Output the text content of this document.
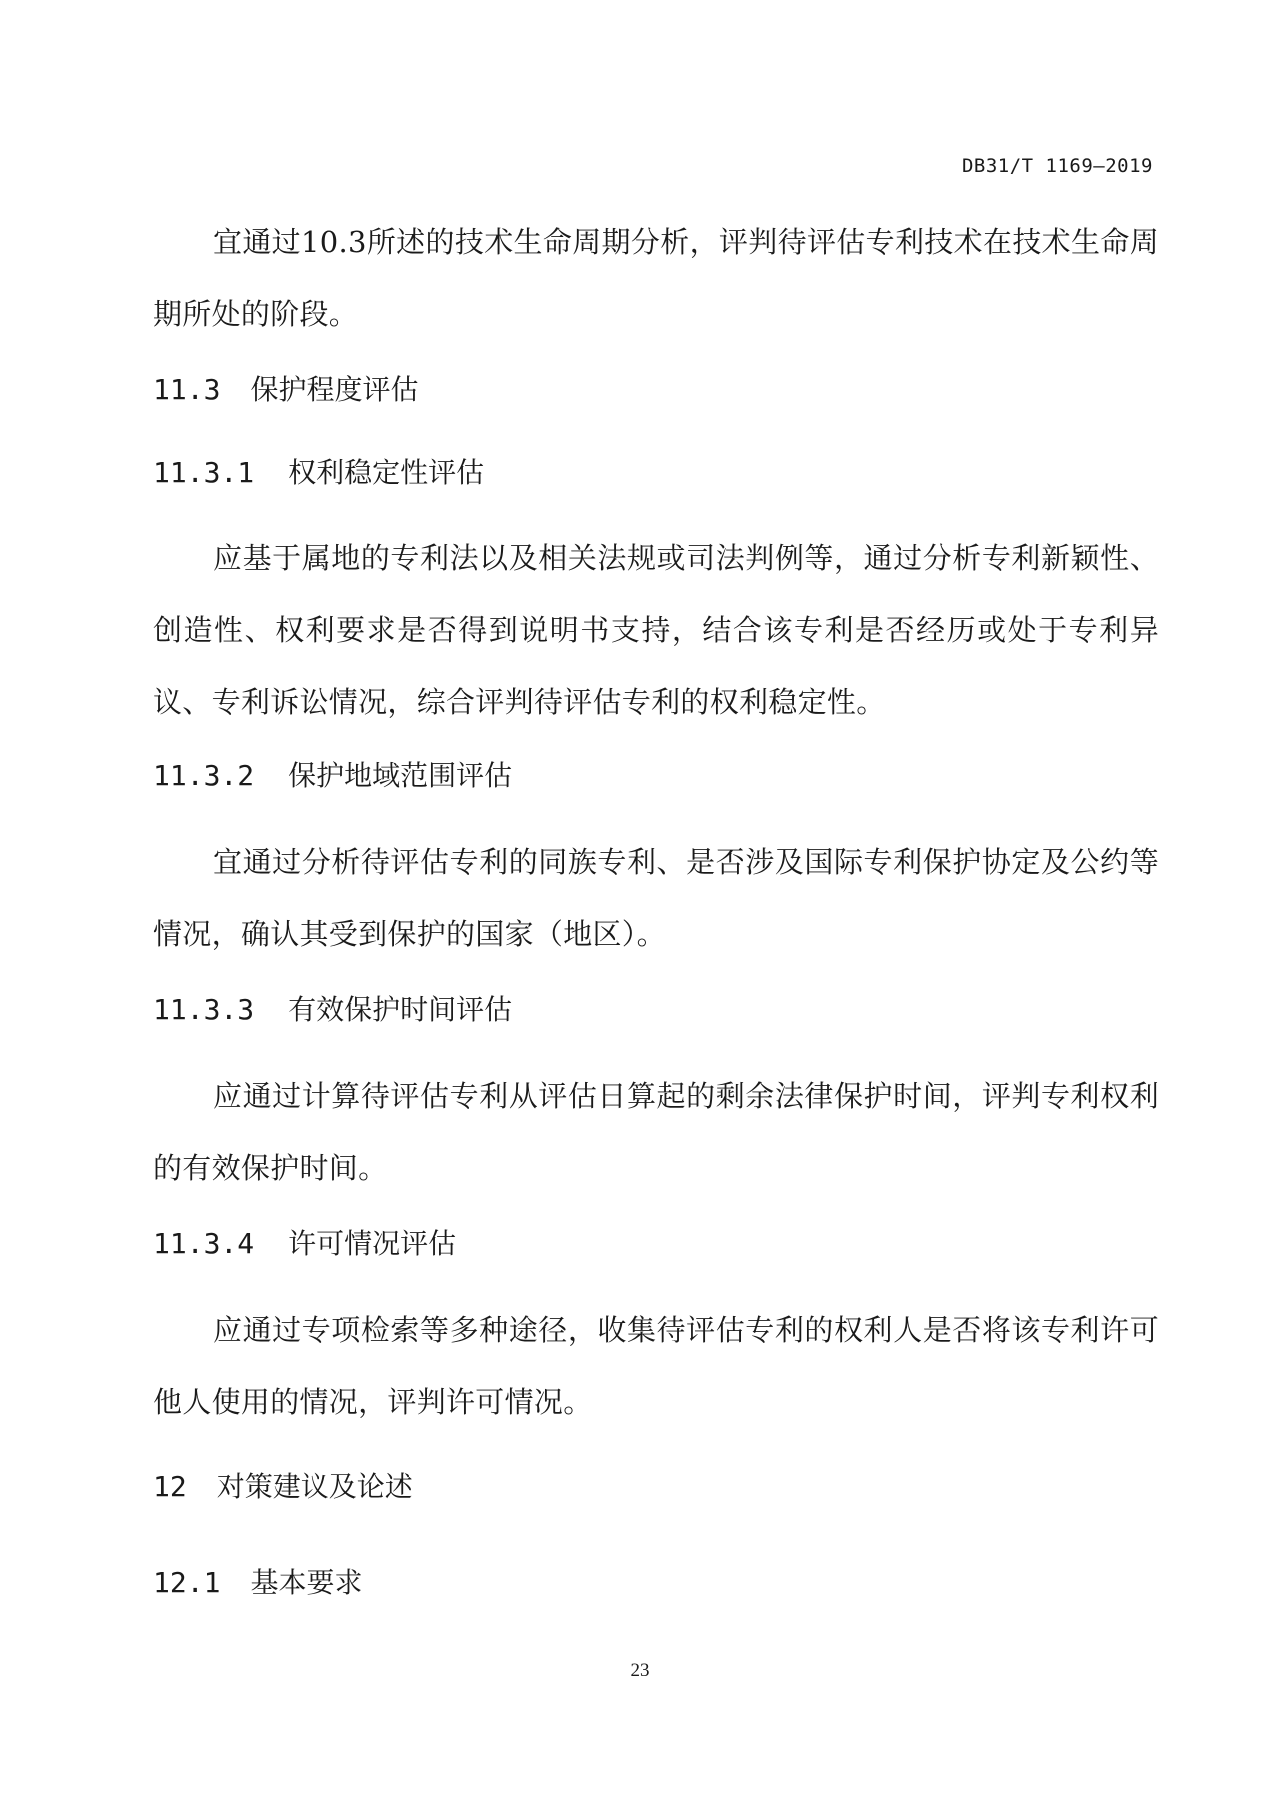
DB31/T 1169—2019
宜通过10.3所述的技术生命周期分析，评判待评估专利技术在技术生命周期所处的阶段。
11.3 保护程度评估
11.3.1 权利稳定性评估
应基于属地的专利法以及相关法规或司法判例等，通过分析专利新颖性、创造性、权利要求是否得到说明书支持，结合该专利是否经历或处于专利异议、专利诉讼情况，综合评判待评估专利的权利稳定性。
11.3.2 保护地域范围评估
宜通过分析待评估专利的同族专利、是否涉及国际专利保护协定及公约等情况，确认其受到保护的国家（地区）。
11.3.3 有效保护时间评估
应通过计算待评估专利从评估日算起的剩余法律保护时间，评判专利权利的有效保护时间。
11.3.4 许可情况评估
应通过专项检索等多种途径，收集待评估专利的权利人是否将该专利许可他人使用的情况，评判许可情况。
12 对策建议及论述
12.1 基本要求
23
